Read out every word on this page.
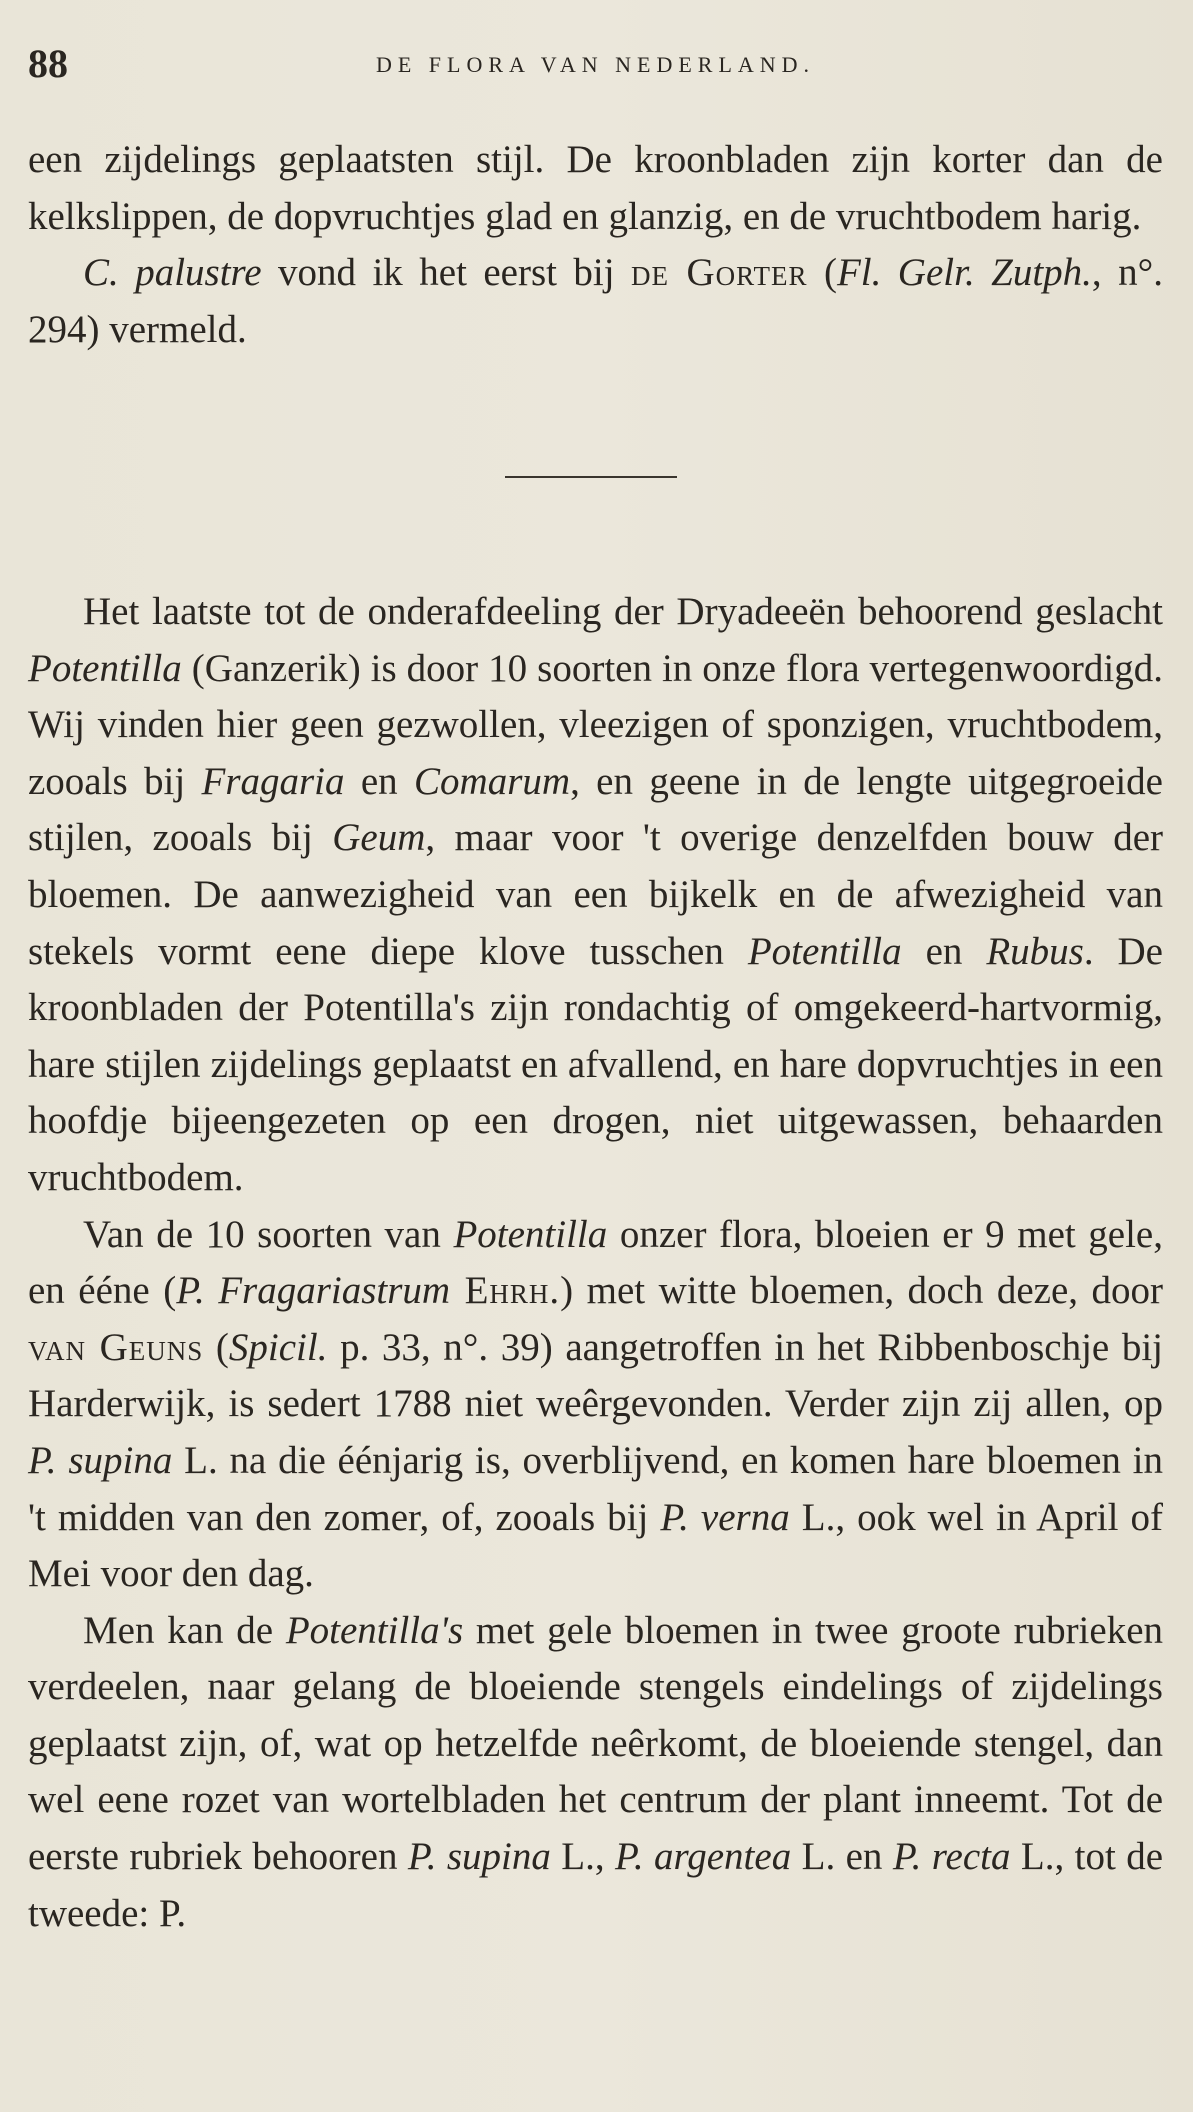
88	DE FLORA VAN NEDERLAND.

een zijdelings geplaatsten stijl. De kroonbladen zijn korter dan de kelkslippen, de dopvruchtjes glad en glanzig, en de vruchtbodem harig.

C. palustre vond ik het eerst bij de Gorter (Fl. Gelr. Zutph., n°. 294) vermeld.

Het laatste tot de onderafdeeling der Dryadeeën behoorend geslacht Potentilla (Ganzerik) is door 10 soorten in onze flora vertegenwoordigd. Wij vinden hier geen gezwollen, vleezigen of sponzigen, vruchtbodem, zooals bij Fragaria en Comarum, en geene in de lengte uitgegroeide stijlen, zooals bij Geum, maar voor 't overige denzelfden bouw der bloemen. De aanwezigheid van een bijkelk en de afwezigheid van stekels vormt eene diepe klove tusschen Potentilla en Rubus. De kroonbladen der Potentilla's zijn rondachtig of omgekeerd-hartvormig, hare stijlen zijdelings geplaatst en afvallend, en hare dopvruchtjes in een hoofdje bijeengezeten op een drogen, niet uitgewassen, behaarden vruchtbodem.

Van de 10 soorten van Potentilla onzer flora, bloeien er 9 met gele, en ééne (P. Fragariastrum Ehrh.) met witte bloemen, doch deze, door van Geuns (Spicil. p. 33, n°. 39) aangetroffen in het Ribbenboschje bij Harderwijk, is sedert 1788 niet weêrgevonden. Verder zijn zij allen, op P. supina L. na die éénjarig is, overblijvend, en komen hare bloemen in 't midden van den zomer, of, zooals bij P. verna L., ook wel in April of Mei voor den dag.

Men kan de Potentilla's met gele bloemen in twee groote rubrieken verdeelen, naar gelang de bloeiende stengels eindelings of zijdelings geplaatst zijn, of, wat op hetzelfde neêrkomt, de bloeiende stengel, dan wel eene rozet van wortelbladen het centrum der plant inneemt. Tot de eerste rubriek behooren P. supina L., P. argentea L. en P. recta L., tot de tweede: P.
